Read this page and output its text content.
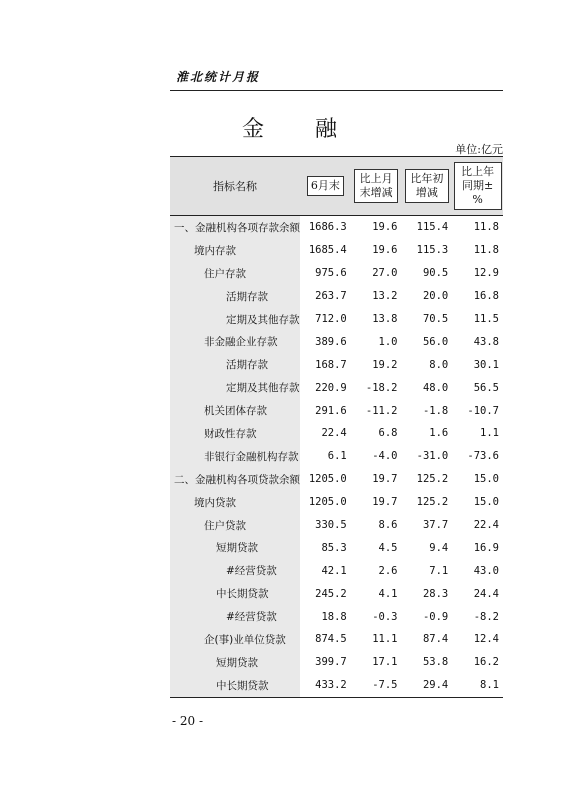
淮北统计月报
金 融
单位:亿元
指标名称	6月末	比上月末增减	比年初增减	比上年同期±%
一、金融机构各项存款余额	1686.3	19.6	115.4	11.8
境内存款	1685.4	19.6	115.3	11.8
住户存款	975.6	27.0	90.5	12.9
活期存款	263.7	13.2	20.0	16.8
定期及其他存款	712.0	13.8	70.5	11.5
非金融企业存款	389.6	1.0	56.0	43.8
活期存款	168.7	19.2	8.0	30.1
定期及其他存款	220.9	-18.2	48.0	56.5
机关团体存款	291.6	-11.2	-1.8	-10.7
财政性存款	22.4	6.8	1.6	1.1
非银行金融机构存款	6.1	-4.0	-31.0	-73.6
二、金融机构各项贷款余额	1205.0	19.7	125.2	15.0
境内贷款	1205.0	19.7	125.2	15.0
住户贷款	330.5	8.6	37.7	22.4
短期贷款	85.3	4.5	9.4	16.9
#经营贷款	42.1	2.6	7.1	43.0
中长期贷款	245.2	4.1	28.3	24.4
#经营贷款	18.8	-0.3	-0.9	-8.2
企(事)业单位贷款	874.5	11.1	87.4	12.4
短期贷款	399.7	17.1	53.8	16.2
中长期贷款	433.2	-7.5	29.4	8.1
- 20 -
